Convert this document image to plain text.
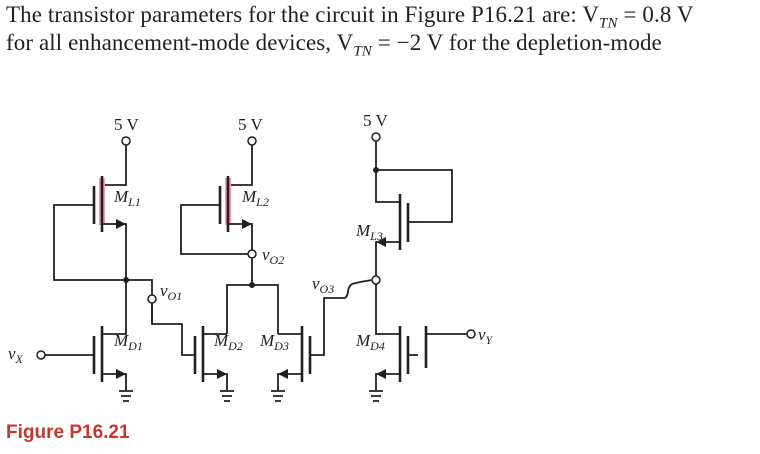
The transistor parameters for the circuit in Figure P16.21 are: $V_{TN} = 0.8$ V
for all enhancement-mode devices, $V_{TN} = -2$ V for the depletion-mode
5 V
$M_{L1}$
$v_X$
$M_{D1}$
$v_{O1}$
5 V
$M_{L2}$
$v_{O2}$
$M_{D2}$ $M_{D3}$
5 V
$M_{L3}$
$v_{O3}$
$M_{D4}$
$v_Y$
Figure P16.21
